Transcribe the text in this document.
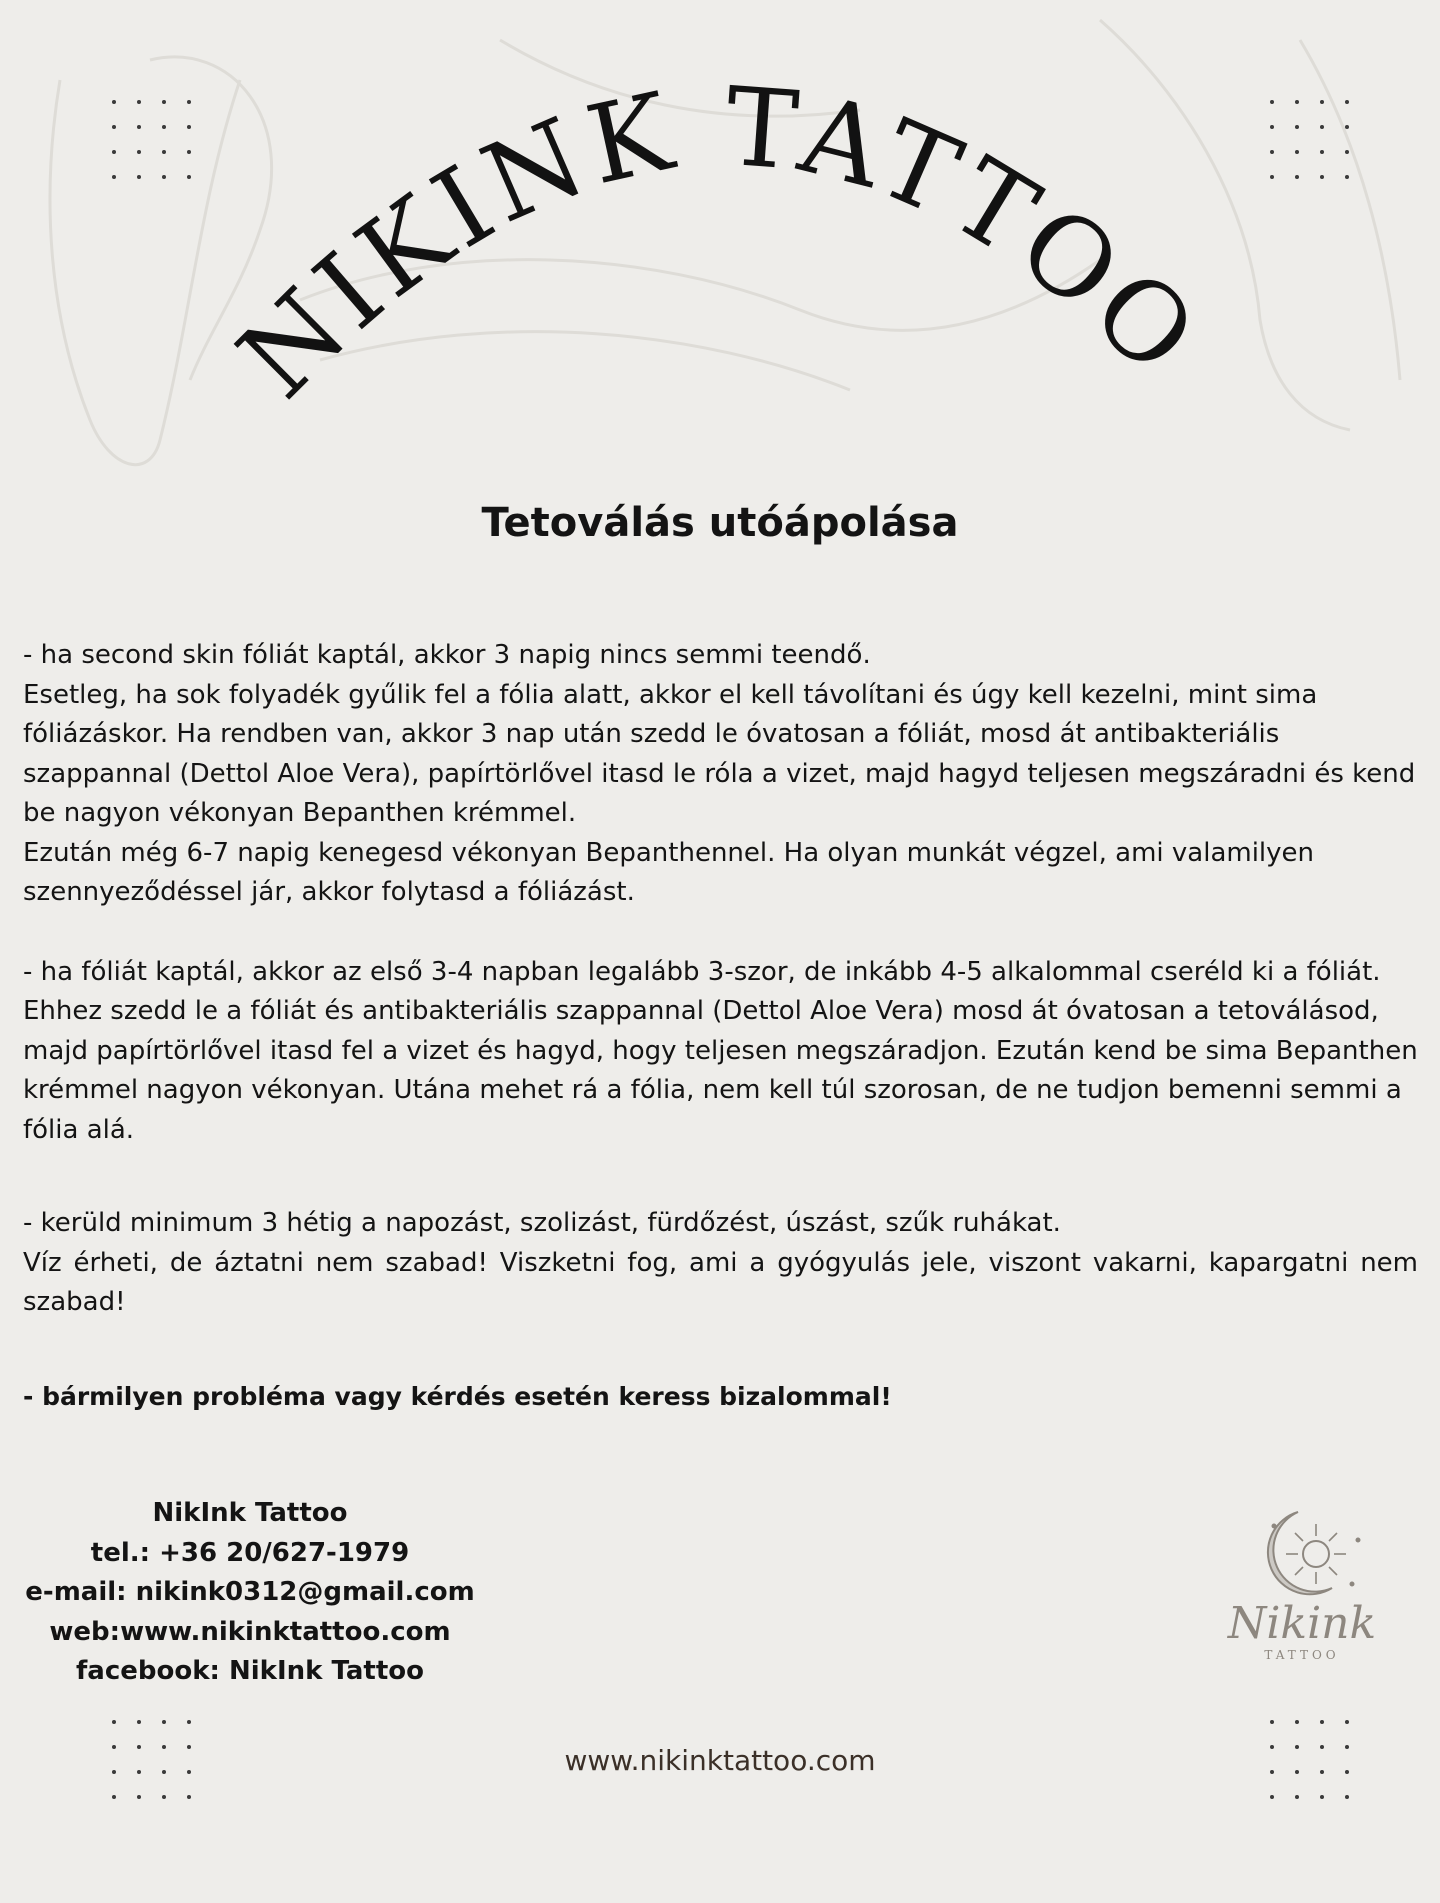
NIKINK TATTOO
Tetoválás utóápolása

- ha second skin fóliát kaptál, akkor 3 napig nincs semmi teendő.

Esetleg, ha sok folyadék gyűlik fel a fólia alatt, akkor el kell távolítani és úgy kell kezelni, mint sima fóliázáskor. Ha rendben van, akkor 3 nap után szedd le óvatosan a fóliát, mosd át antibakteriális szappannal (Dettol Aloe Vera), papírtörlővel itasd le róla a vizet, majd hagyd teljesen megszáradni és kend be nagyon vékonyan Bepanthen krémmel.

Ezután még 6-7 napig kenegesd vékonyan Bepanthennel. Ha olyan munkát végzel, ami valamilyen szennyeződéssel jár, akkor folytasd a fóliázást.

- ha fóliát kaptál, akkor az első 3-4 napban legalább 3-szor, de inkább 4-5 alkalommal cseréld ki a fóliát. Ehhez szedd le a fóliát és antibakteriális szappannal (Dettol Aloe Vera) mosd át óvatosan a tetoválásod, majd papírtörlővel itasd fel a vizet és hagyd, hogy teljesen megszáradjon. Ezután kend be sima Bepanthen krémmel nagyon vékonyan. Utána mehet rá a fólia, nem kell túl szorosan, de ne tudjon bemenni semmi a fólia alá.

- kerüld minimum 3 hétig a napozást, szolizást, fürdőzést, úszást, szűk ruhákat.

Víz érheti, de áztatni nem szabad! Viszketni fog, ami a gyógyulás jele, viszont vakarni, kapargatni nem szabad!

- bármilyen probléma vagy kérdés esetén keress bizalommal!

NikInk Tattoo
tel.: +36 20/627-1979
e-mail: nikink0312@gmail.com
web:www.nikinktattoo.com
facebook: NikInk Tattoo

Nikink

TATTOO

www.nikinktattoo.com
